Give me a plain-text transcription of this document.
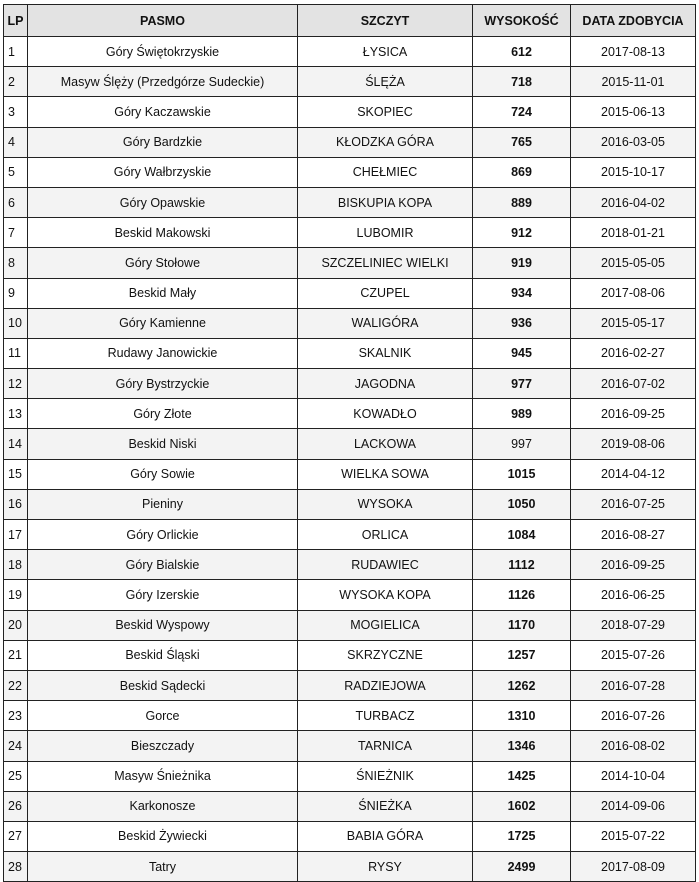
LP	PASMO	SZCZYT	WYSOKOŚĆ	DATA ZDOBYCIA
1	Góry Świętokrzyskie	ŁYSICA	612	2017-08-13
2	Masyw Ślęży (Przedgórze Sudeckie)	ŚLĘŻA	718	2015-11-01
3	Góry Kaczawskie	SKOPIEC	724	2015-06-13
4	Góry Bardzkie	KŁODZKA GÓRA	765	2016-03-05
5	Góry Wałbrzyskie	CHEŁMIEC	869	2015-10-17
6	Góry Opawskie	BISKUPIA KOPA	889	2016-04-02
7	Beskid Makowski	LUBOMIR	912	2018-01-21
8	Góry Stołowe	SZCZELINIEC WIELKI	919	2015-05-05
9	Beskid Mały	CZUPEL	934	2017-08-06
10	Góry Kamienne	WALIGÓRA	936	2015-05-17
11	Rudawy Janowickie	SKALNIK	945	2016-02-27
12	Góry Bystrzyckie	JAGODNA	977	2016-07-02
13	Góry Złote	KOWADŁO	989	2016-09-25
14	Beskid Niski	LACKOWA	997	2019-08-06
15	Góry Sowie	WIELKA SOWA	1015	2014-04-12
16	Pieniny	WYSOKA	1050	2016-07-25
17	Góry Orlickie	ORLICA	1084	2016-08-27
18	Góry Bialskie	RUDAWIEC	1112	2016-09-25
19	Góry Izerskie	WYSOKA KOPA	1126	2016-06-25
20	Beskid Wyspowy	MOGIELICA	1170	2018-07-29
21	Beskid Śląski	SKRZYCZNE	1257	2015-07-26
22	Beskid Sądecki	RADZIEJOWA	1262	2016-07-28
23	Gorce	TURBACZ	1310	2016-07-26
24	Bieszczady	TARNICA	1346	2016-08-02
25	Masyw Śnieżnika	ŚNIEŻNIK	1425	2014-10-04
26	Karkonosze	ŚNIEŻKA	1602	2014-09-06
27	Beskid Żywiecki	BABIA GÓRA	1725	2015-07-22
28	Tatry	RYSY	2499	2017-08-09
